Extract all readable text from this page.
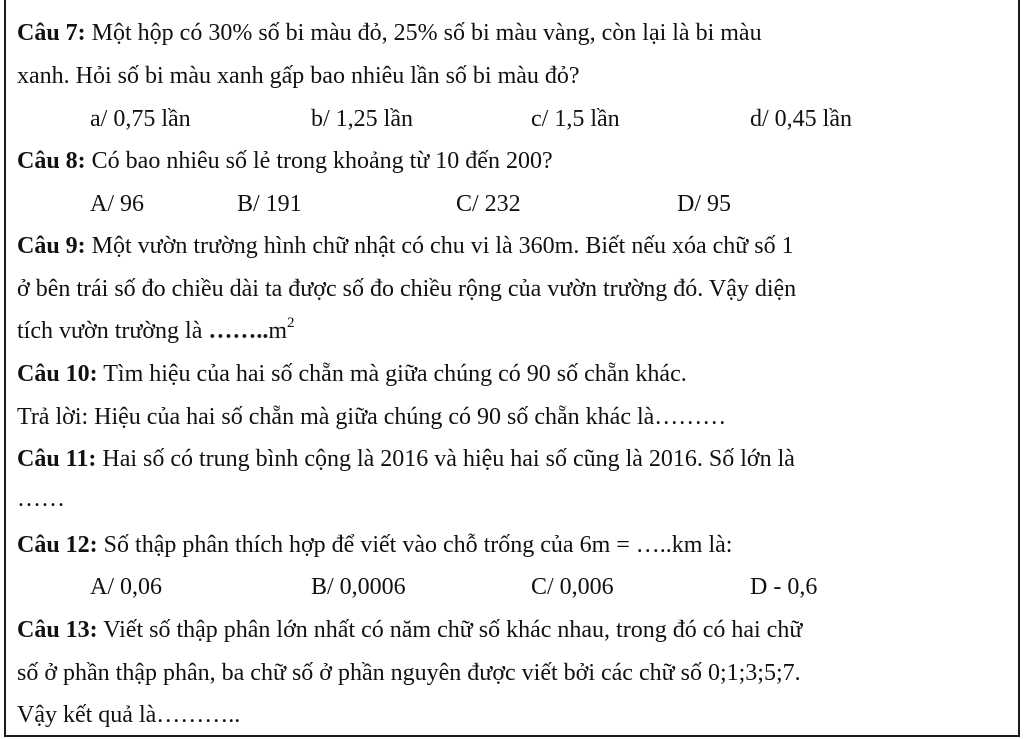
Câu 7: Một hộp có 30% số bi màu đỏ, 25% số bi màu vàng, còn lại là bi màu
xanh. Hỏi số bi màu xanh gấp bao nhiêu lần số bi màu đỏ?
a/ 0,75 lần	b/ 1,25 lần	c/ 1,5 lần	d/ 0,45 lần
Câu 8: Có bao nhiêu số lẻ trong khoảng từ 10 đến 200?
A/ 96	B/ 191	C/ 232	D/ 95
Câu 9: Một vườn trường hình chữ nhật có chu vi là 360m. Biết nếu xóa chữ số 1
ở bên trái số đo chiều dài ta được số đo chiều rộng của vườn trường đó. Vậy diện
tích vườn trường là $\dots\dots..m^2$
Câu 10: Tìm hiệu của hai số chẵn mà giữa chúng có 90 số chẵn khác.
Trả lời: Hiệu của hai số chẵn mà giữa chúng có 90 số chẵn khác là………
Câu 11: Hai số có trung bình cộng là 2016 và hiệu hai số cũng là 2016. Số lớn là
……
Câu 12: Số thập phân thích hợp để viết vào chỗ trống của 6m = …..km là:
A/ 0,06	B/ 0,0006	C/ 0,006	D - 0,6
Câu 13: Viết số thập phân lớn nhất có năm chữ số khác nhau, trong đó có hai chữ
số ở phần thập phân, ba chữ số ở phần nguyên được viết bởi các chữ số 0;1;3;5;7.
Vậy kết quả là………..
